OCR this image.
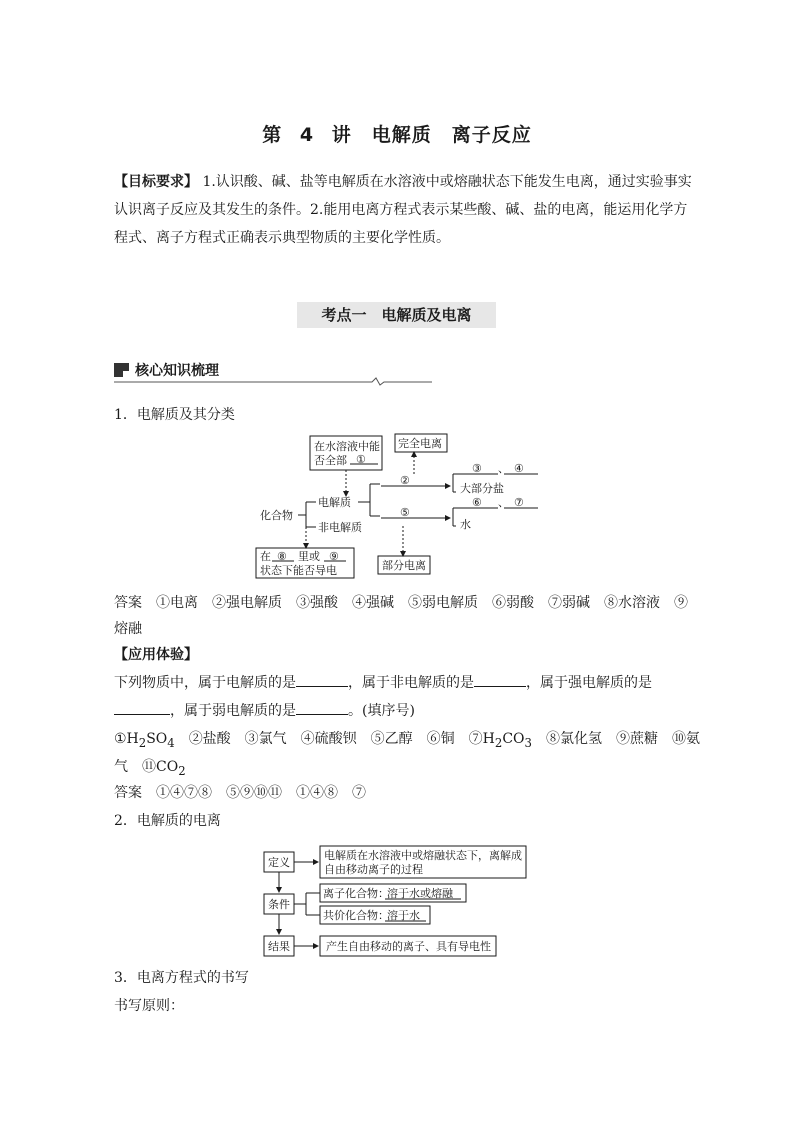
第 4 讲　电解质　离子反应
【目标要求】 1.认识酸、碱、盐等电解质在水溶液中或熔融状态下能发生电离，通过实验事实
认识离子反应及其发生的条件。2.能用电离方程式表示某些酸、碱、盐的电离，能运用化学方
程式、离子方程式正确表示典型物质的主要化学性质。
考点一　 电解质及电离
核心知识梳理
1．电解质及其分类
在水溶液中能
否全部 ①
完全电离
化合物
电解质
非电解质
②
⑤
③ 、 ④
大部分盐
⑥ 、 ⑦
水
在 ⑧ 里或 ⑨
状态下能否导电	部分电离
答案　 ①电离　②强电解质　③强酸　④强碱　⑤弱电解质　⑥弱酸　⑦弱碱　⑧水溶液　⑨
熔融
【应用体验】
下列物质中，属于电解质的是	，属于非电解质的是	，属于强电解质的是
，属于弱电解质的是	。(填序号)
$①H_2SO_4$　 ②盐酸　③氯气　④硫酸钡　⑤乙醇　⑥铜　$⑦H_2CO_3$　 ⑧氯化氢　⑨蔗糖　⑩氨
气　$⑪CO_2$
答案　 ①④⑦⑧　⑤⑨⑩⑪　①④⑧　⑦
2．电解质的电离
定义
电解质在水溶液中或熔融状态下，离解成
自由移动离子的过程
条件
离子化合物：
溶于水或熔融
共价化合物：
溶于水
结果	产生自由移动的离子、具有导电性
3．电离方程式的书写
书写原则：
